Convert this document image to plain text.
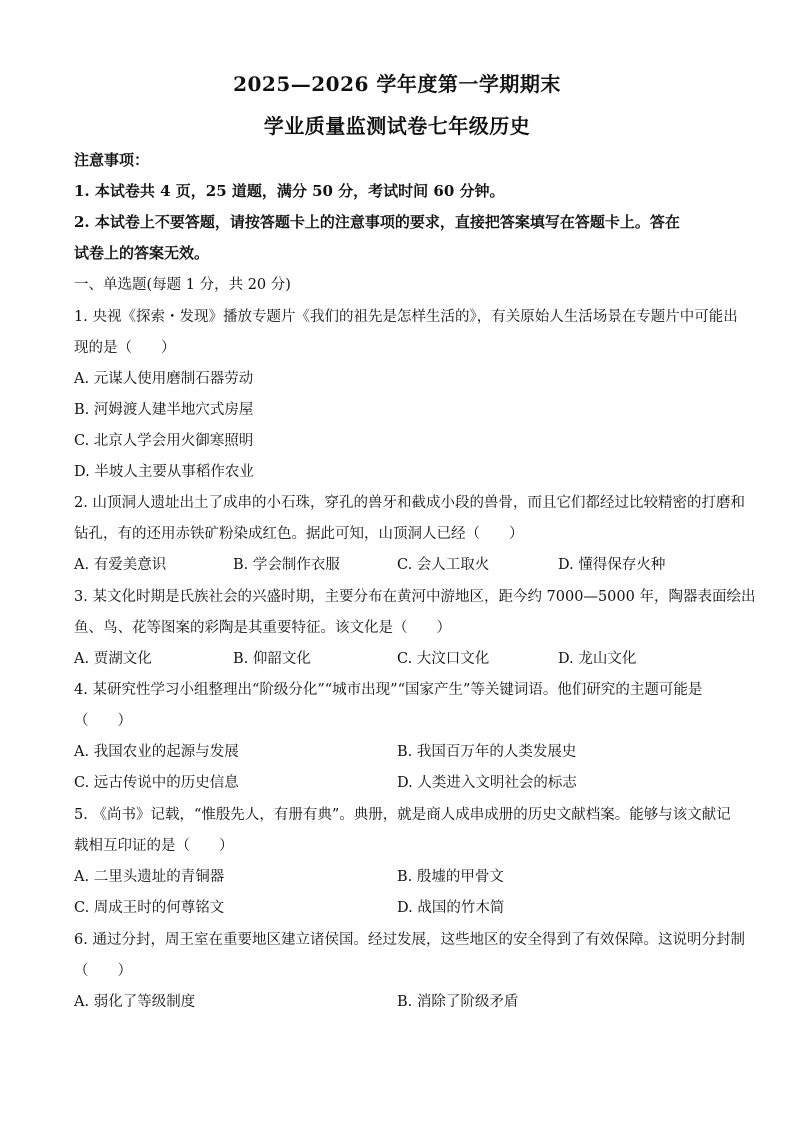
2025—2026 学年度第一学期期末
学业质量监测试卷七年级历史
注意事项：
1. 本试卷共 4 页，25 道题，满分 50 分，考试时间 60 分钟。
2. 本试卷上不要答题，请按答题卡上的注意事项的要求，直接把答案填写在答题卡上。答在
试卷上的答案无效。
一、单选题(每题 1 分，共 20 分)
1. 央视《探索・发现》播放专题片《我们的祖先是怎样生活的》，有关原始人生活场景在专题片中可能出
现的是（　　）
A. 元谋人使用磨制石器劳动
B. 河姆渡人建半地穴式房屋
C. 北京人学会用火御寒照明
D. 半坡人主要从事稻作农业
2. 山顶洞人遗址出土了成串的小石珠，穿孔的兽牙和截成小段的兽骨，而且它们都经过比较精密的打磨和
钻孔，有的还用赤铁矿粉染成红色。据此可知，山顶洞人已经（　　）
A. 有爱美意识	B. 学会制作衣服	C. 会人工取火	D. 懂得保存火种
3. 某文化时期是氏族社会的兴盛时期，主要分布在黄河中游地区，距今约 7000—5000 年，陶器表面绘出
鱼、鸟、花等图案的彩陶是其重要特征。该文化是（　　）
A. 贾湖文化	B. 仰韶文化	C. 大汶口文化	D. 龙山文化
4. 某研究性学习小组整理出“阶级分化”“城市出现”“国家产生”等关键词语。他们研究的主题可能是
（　　）
A. 我国农业的起源与发展	B. 我国百万年的人类发展史
C. 远古传说中的历史信息	D. 人类进入文明社会的标志
5. 《尚书》记载，“惟殷先人，有册有典”。典册，就是商人成串成册的历史文献档案。能够与该文献记
载相互印证的是（　　）
A. 二里头遗址的青铜器	B. 殷墟的甲骨文
C. 周成王时的何尊铭文	D. 战国的竹木简
6. 通过分封，周王室在重要地区建立诸侯国。经过发展，这些地区的安全得到了有效保障。这说明分封制
（　　）
A. 弱化了等级制度	B. 消除了阶级矛盾
